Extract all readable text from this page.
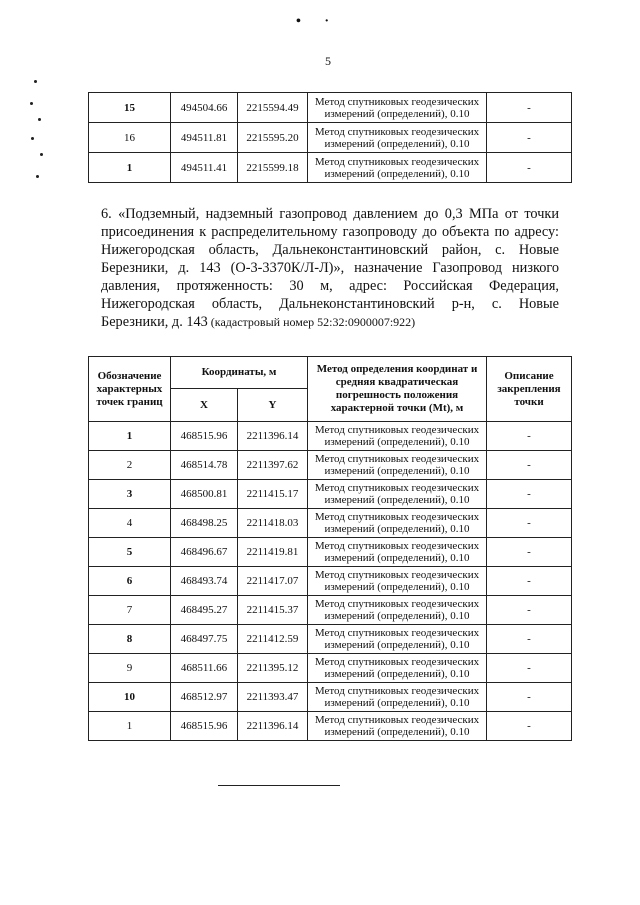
• ·
5
15	494504.66	2215594.49	Метод спутниковых геодезических измерений (определений), 0.10	-
16	494511.81	2215595.20	Метод спутниковых геодезических измерений (определений), 0.10	-
1	494511.41	2215599.18	Метод спутниковых геодезических измерений (определений), 0.10	-

6. «Подземный, надземный газопровод давлением до 0,3 МПа от точки присоединения к распределительному газопроводу до объекта по адресу: Нижегородская область, Дальнеконстантиновский район, с. Новые Березники, д. 143 (О-3-3370К/Л-Л)», назначение Газопровод низкого давления, протяженность: 30 м, адрес: Российская Федерация, Нижегородская область, Дальнеконстантиновский р-н, с. Новые Березники, д. 143 (кадастровый номер 52:32:0900007:922)

Обозначение характерных точек границ	Координаты, м		Метод определения координат и средняя квадратическая погрешность положения характерной точки (Mt), м	Описание закрепления точки
	X	Y		
1	468515.96	2211396.14	Метод спутниковых геодезических измерений (определений), 0.10	-
2	468514.78	2211397.62	Метод спутниковых геодезических измерений (определений), 0.10	-
3	468500.81	2211415.17	Метод спутниковых геодезических измерений (определений), 0.10	-
4	468498.25	2211418.03	Метод спутниковых геодезических измерений (определений), 0.10	-
5	468496.67	2211419.81	Метод спутниковых геодезических измерений (определений), 0.10	-
6	468493.74	2211417.07	Метод спутниковых геодезических измерений (определений), 0.10	-
7	468495.27	2211415.37	Метод спутниковых геодезических измерений (определений), 0.10	-
8	468497.75	2211412.59	Метод спутниковых геодезических измерений (определений), 0.10	-
9	468511.66	2211395.12	Метод спутниковых геодезических измерений (определений), 0.10	-
10	468512.97	2211393.47	Метод спутниковых геодезических измерений (определений), 0.10	-
1	468515.96	2211396.14	Метод спутниковых геодезических измерений (определений), 0.10	-
